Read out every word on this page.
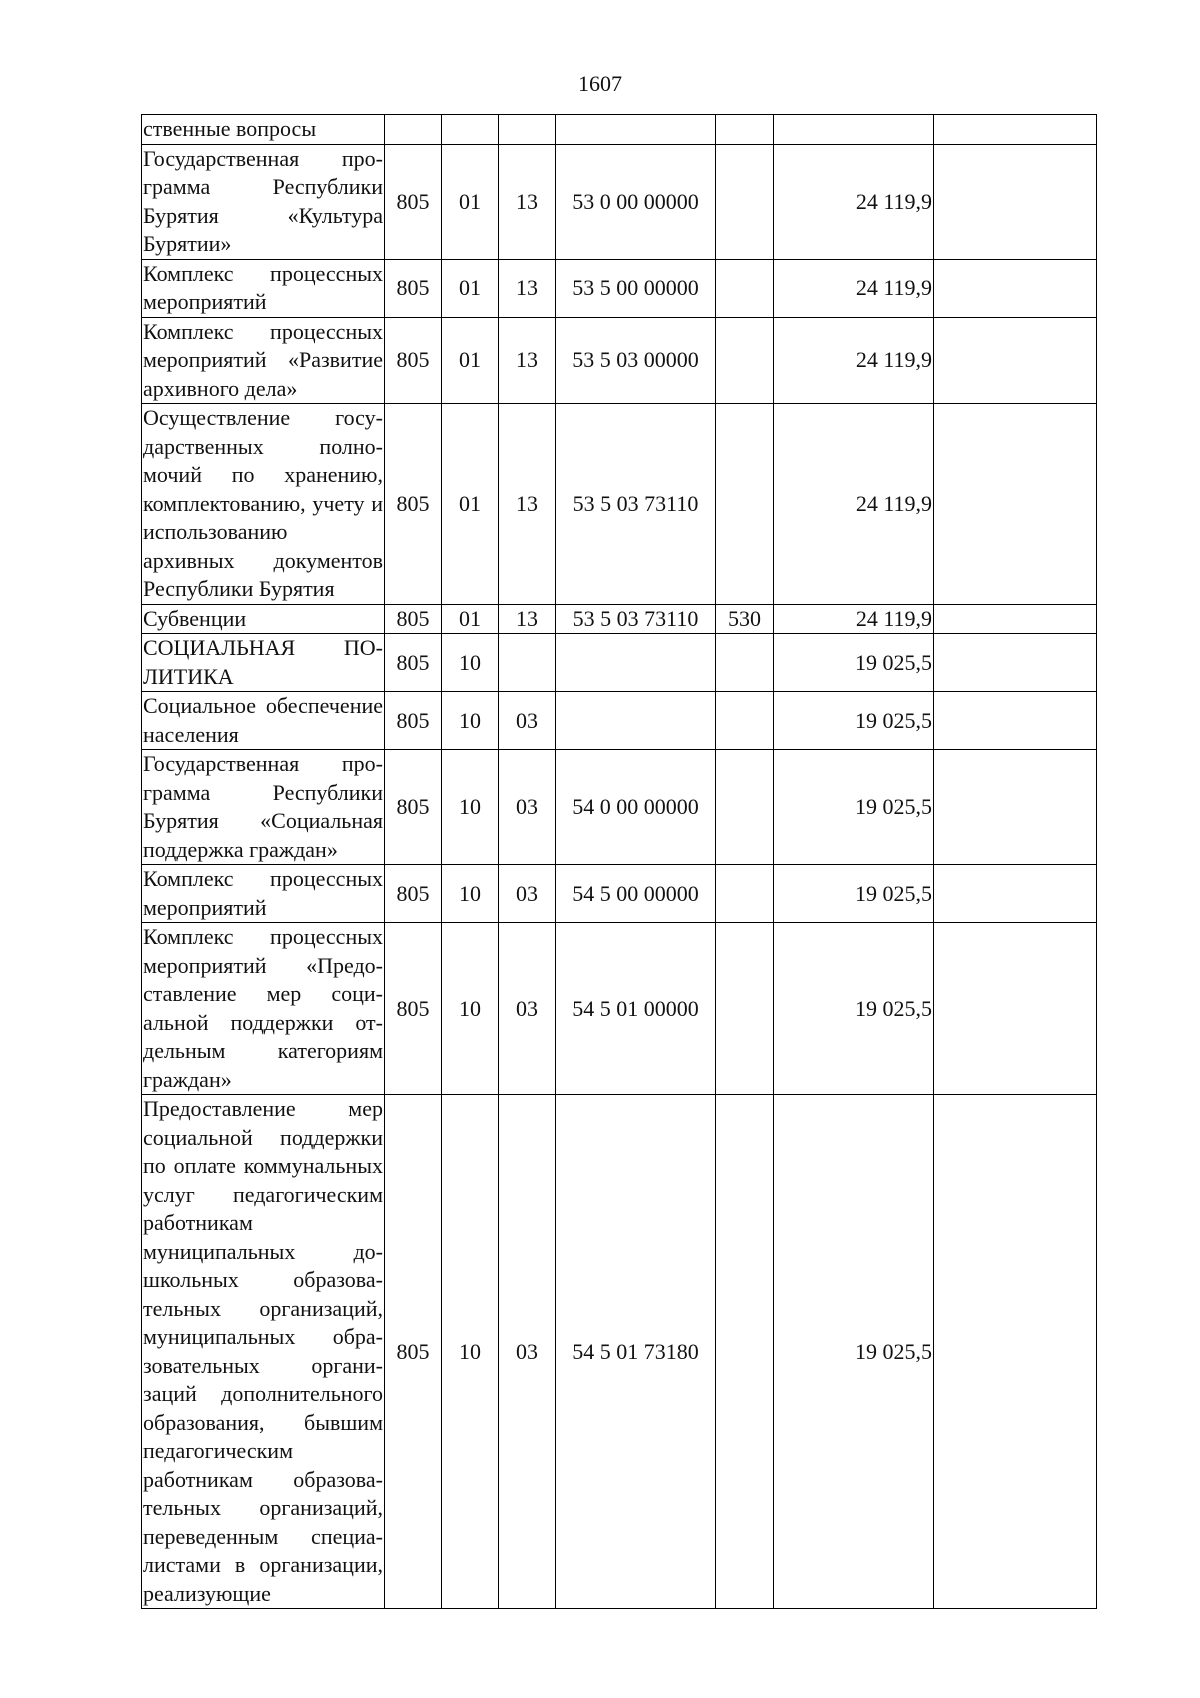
1607
ственные вопросы							
Государственная программа Республики Бурятия «Культура Бурятии»	805	01	13	53 0 00 00000		24 119,9	
Комплекс процессных мероприятий	805	01	13	53 5 00 00000		24 119,9	
Комплекс процессных мероприятий «Развитие архивного дела»	805	01	13	53 5 03 00000		24 119,9	
Осуществление государственных полномочий по хранению, комплектованию, учету и использованию архивных документов Республики Бурятия	805	01	13	53 5 03 73110		24 119,9	
Субвенции	805	01	13	53 5 03 73110	530	24 119,9	
СОЦИАЛЬНАЯ ПОЛИТИКА	805	10				19 025,5	
Социальное обеспечение населения	805	10	03			19 025,5	
Государственная программа Республики Бурятия «Социальная поддержка граждан»	805	10	03	54 0 00 00000		19 025,5	
Комплекс процессных мероприятий	805	10	03	54 5 00 00000		19 025,5	
Комплекс процессных мероприятий «Предоставление мер социальной поддержки отдельным категориям граждан»	805	10	03	54 5 01 00000		19 025,5	
Предоставление мер социальной поддержки по оплате коммунальных услуг педагогическим работникам муниципальных дошкольных образовательных организаций, муниципальных образовательных организаций дополнительного образования, бывшим педагогическим работникам образовательных организаций, переведенным специалистами в организации, реализующие	805	10	03	54 5 01 73180		19 025,5	
